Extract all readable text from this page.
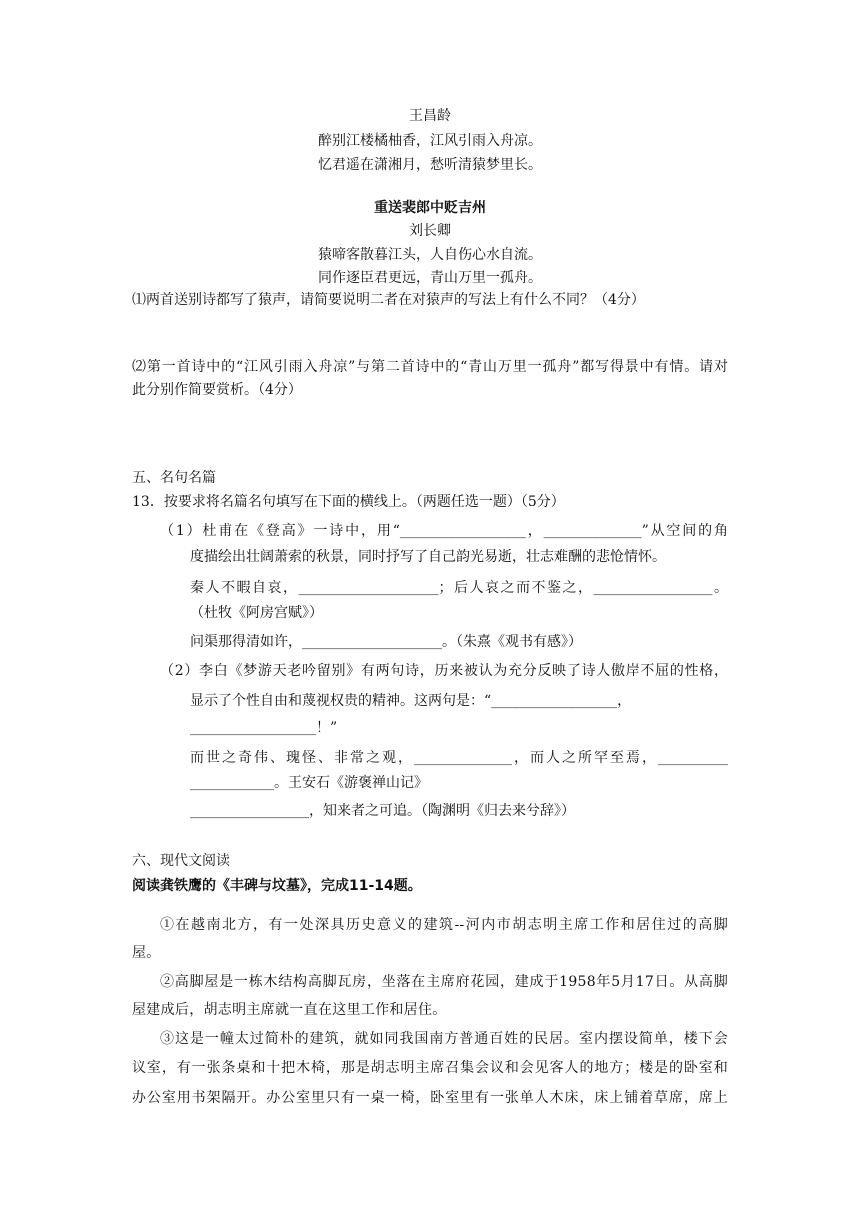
王昌龄
醉别江楼橘柚香，江风引雨入舟凉。
忆君遥在潇湘月，愁听清猿梦里长。
重送裴郎中贬吉州
刘长卿
猿啼客散暮江头，人自伤心水自流。
同作逐臣君更远，青山万里一孤舟。
⑴两首送别诗都写了猿声，请简要说明二者在对猿声的写法上有什么不同？（4分）
⑵第一首诗中的“江风引雨入舟凉”与第二首诗中的“青山万里一孤舟”都写得景中有情。请对
此分别作简要赏析。（4分）
五、名句名篇
13．按要求将名篇名句填写在下面的横线上。（两题任选一题）（5分）
（1）杜甫在《登高》一诗中，用“__________________，______________”从空间的角
度描绘出壮阔萧索的秋景，同时抒写了自己韵光易逝，壮志难酬的悲怆情怀。
秦人不暇自哀，____________________；后人哀之而不鉴之，_________________。
（杜牧《阿房宫赋》）
问渠那得清如许，____________________。（朱熹《观书有感》）
（2）李白《梦游天老吟留别》有两句诗，历来被认为充分反映了诗人傲岸不屈的性格，
显示了个性自由和蔑视权贵的精神。这两句是：“__________________，
__________________！”
而世之奇伟、瑰怪、非常之观，______________，而人之所罕至焉，__________
____________。王安石《游褒禅山记》
_________________，知来者之可追。（陶渊明《归去来兮辞》）
六、现代文阅读
阅读龚铁鹰的《丰碑与坟墓》，完成11-14题。
①在越南北方，有一处深具历史意义的建筑--河内市胡志明主席工作和居住过的高脚
屋。
②高脚屋是一栋木结构高脚瓦房，坐落在主席府花园，建成于1958年5月17日。从高脚
屋建成后，胡志明主席就一直在这里工作和居住。
③这是一幢太过简朴的建筑，就如同我国南方普通百姓的民居。室内摆设简单，楼下会
议室，有一张条桌和十把木椅，那是胡志明主席召集会议和会见客人的地方；楼是的卧室和
办公室用书架隔开。办公室里只有一桌一椅，卧室里有一张单人木床，床上铺着草席，席上
